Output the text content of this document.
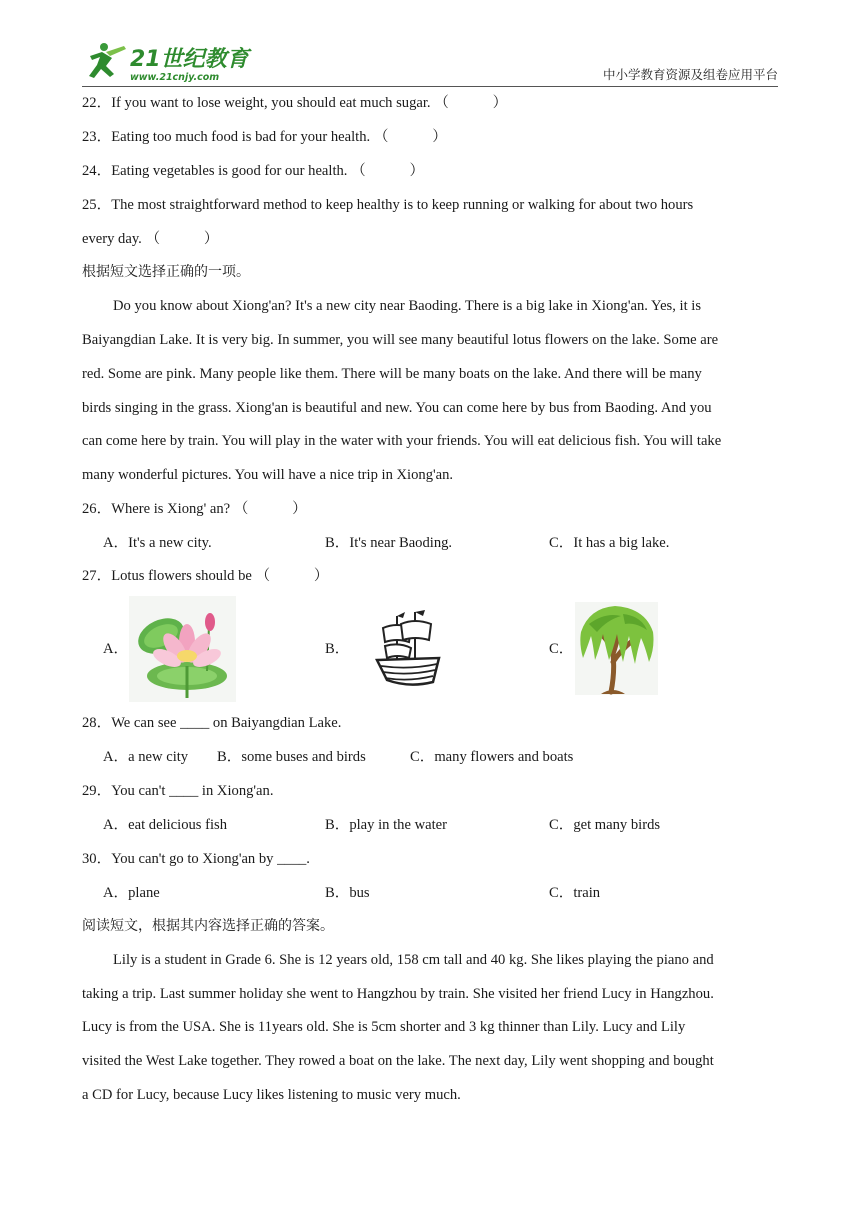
21世纪教育
www.21cnjy.com	中小学教育资源及组卷应用平台
22．If you want to lose weight, you should eat much sugar. （　　　）
23．Eating too much food is bad for your health. （　　　）
24．Eating vegetables is good for our health. （　　　）
25．The most straightforward method to keep healthy is to keep running or walking for about two hours
every day. （　　　）
根据短文选择正确的一项。
Do you know about Xiong'an? It's a new city near Baoding. There is a big lake in Xiong'an. Yes, it is
Baiyangdian Lake. It is very big. In summer, you will see many beautiful lotus flowers on the lake. Some are
red. Some are pink. Many people like them. There will be many boats on the lake. And there will be many
birds singing in the grass. Xiong'an is beautiful and new. You can come here by bus from Baoding. And you
can come here by train. You will play in the water with your friends. You will eat delicious fish. You will take
many wonderful pictures. You will have a nice trip in Xiong'an.
26．Where is Xiong' an? （　　　）
A．It's a new city.	B．It's near Baoding.	C．It has a big lake.
27．Lotus flowers should be （　　　）
A．	B．	C．
28．We can see ____ on Baiyangdian Lake.
A．a new city B．some buses and birds	C．many flowers and boats
29．You can't ____ in Xiong'an.
A．eat delicious fish	B．play in the water	C．get many birds
30．You can't go to Xiong'an by ____.
A．plane	B．bus	C．train
阅读短文，根据其内容选择正确的答案。
Lily is a student in Grade 6. She is 12 years old, 158 cm tall and 40 kg. She likes playing the piano and
taking a trip. Last summer holiday she went to Hangzhou by train. She visited her friend Lucy in Hangzhou.
Lucy is from the USA. She is 11years old. She is 5cm shorter and 3 kg thinner than Lily. Lucy and Lily
visited the West Lake together. They rowed a boat on the lake. The next day, Lily went shopping and bought
a CD for Lucy, because Lucy likes listening to music very much.
